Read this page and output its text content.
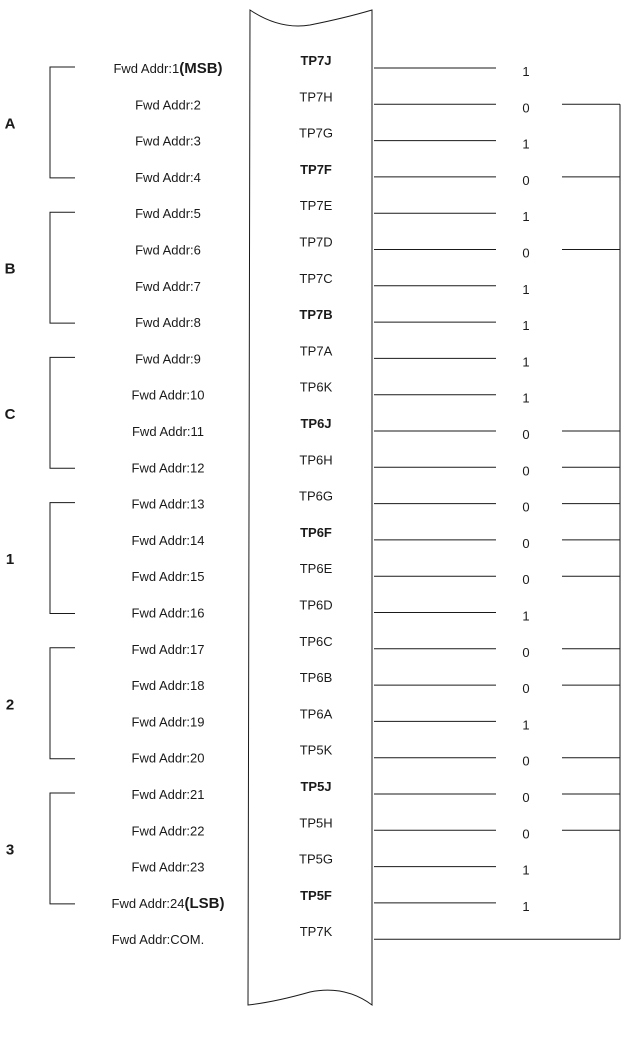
A
B
C
1
2
3
Fwd Addr:1(MSB)	TP7J
1
Fwd Addr:2
TP7H
0
Fwd Addr:3
TP7G
1
Fwd Addr:4
TP7F
0
Fwd Addr:5
TP7E
1
Fwd Addr:6
TP7D
0
Fwd Addr:7
TP7C
1
Fwd Addr:8
TP7B
1
Fwd Addr:9
TP7A
1
Fwd Addr:10
TP6K
1
Fwd Addr:11
TP6J
0
Fwd Addr:12
TP6H
0
Fwd Addr:13
TP6G
0
Fwd Addr:14
TP6F
0
Fwd Addr:15
TP6E
0
Fwd Addr:16
TP6D
1
Fwd Addr:17
TP6C
0
Fwd Addr:18
TP6B
0
Fwd Addr:19
TP6A
1
Fwd Addr:20
TP5K
0
Fwd Addr:21
TP5J
0
Fwd Addr:22
TP5H
0
Fwd Addr:23
TP5G
1
Fwd Addr:24(LSB)	TP5F
1
Fwd Addr:COM.
TP7K
